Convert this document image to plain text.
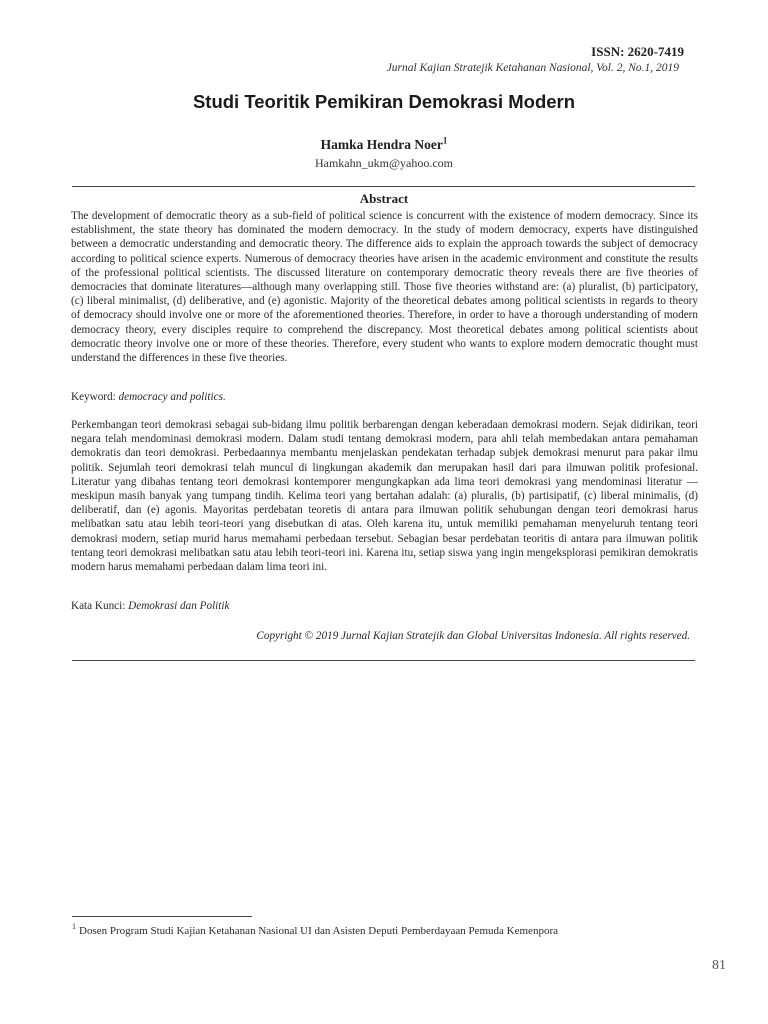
ISSN: 2620-7419
Jurnal Kajian Stratejik Ketahanan Nasional, Vol. 2, No.1, 2019
Studi Teoritik Pemikiran Demokrasi Modern
Hamka Hendra Noer$^1$
Hamkahn_ukm@yahoo.com
Abstract
The development of democratic theory as a sub-field of political science is concurrent with the existence of modern democracy. Since its establishment, the state theory has dominated the modern democracy. In the study of modern democracy, experts have distinguished between a democratic understanding and democratic theory. The difference aids to explain the approach towards the subject of democracy according to political science experts. Numerous of democracy theories have arisen in the academic environment and constitute the results of the professional political scientists. The discussed literature on contemporary democratic theory reveals there are five theories of democracies that dominate literatures—although many overlapping still. Those five theories withstand are: (a) pluralist, (b) participatory, (c) liberal minimalist, (d) deliberative, and (e) agonistic. Majority of the theoretical debates among political scientists in regards to theory of democracy should involve one or more of the aforementioned theories. Therefore, in order to have a thorough understanding of modern democracy theory, every disciples require to comprehend the discrepancy. Most theoretical debates among political scientists about democratic theory involve one or more of these theories. Therefore, every student who wants to explore modern democratic thought must understand the differences in these five theories.
Keyword: democracy and politics.
Perkembangan teori demokrasi sebagai sub-bidang ilmu politik berbarengan dengan keberadaan demokrasi modern. Sejak didirikan, teori negara telah mendominasi demokrasi modern. Dalam studi tentang demokrasi modern, para ahli telah membedakan antara pemahaman demokratis dan teori demokrasi. Perbedaannya membantu menjelaskan pendekatan terhadap subjek demokrasi menurut para pakar ilmu politik. Sejumlah teori demokrasi telah muncul di lingkungan akademik dan merupakan hasil dari para ilmuwan politik profesional. Literatur yang dibahas tentang teori demokrasi kontemporer mengungkapkan ada lima teori demokrasi yang mendominasi literatur — meskipun masih banyak yang tumpang tindih. Kelima teori yang bertahan adalah: (a) pluralis, (b) partisipatif, (c) liberal minimalis, (d) deliberatif, dan (e) agonis. Mayoritas perdebatan teoretis di antara para ilmuwan politik sehubungan dengan teori demokrasi harus melibatkan satu atau lebih teori-teori yang disebutkan di atas. Oleh karena itu, untuk memiliki pemahaman menyeluruh tentang teori demokrasi modern, setiap murid harus memahami perbedaan tersebut. Sebagian besar perdebatan teoritis di antara para ilmuwan politik tentang teori demokrasi melibatkan satu atau lebih teori-teori ini. Karena itu, setiap siswa yang ingin mengeksplorasi pemikiran demokratis modern harus memahami perbedaan dalam lima teori ini.
Kata Kunci: Demokrasi dan Politik
Copyright © 2019 Jurnal Kajian Stratejik dan Global Universitas Indonesia. All rights reserved.
$^1$ Dosen Program Studi Kajian Ketahanan Nasional UI dan Asisten Deputi Pemberdayaan Pemuda Kemenpora
81
